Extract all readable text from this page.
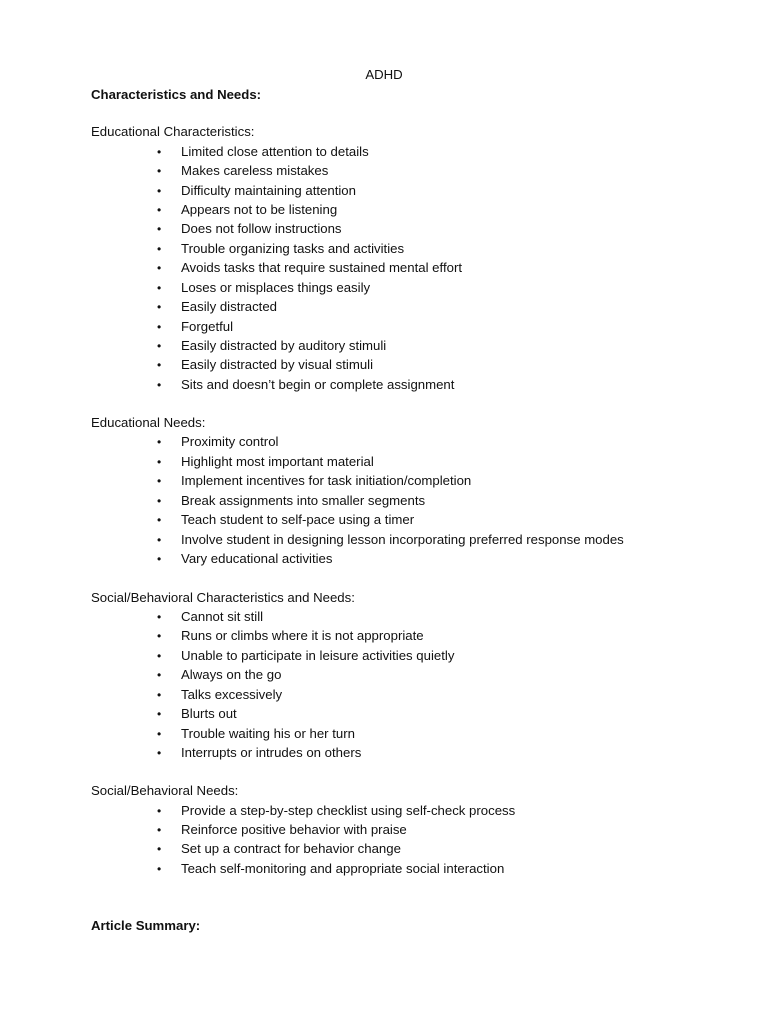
ADHD
Characteristics and Needs:
Educational Characteristics:
•	Limited close attention to details
•	Makes careless mistakes
•	Difficulty maintaining attention
•	Appears not to be listening
•	Does not follow instructions
•	Trouble organizing tasks and activities
•	Avoids tasks that require sustained mental effort
•	Loses or misplaces things easily
•	Easily distracted
•	Forgetful
•	Easily distracted by auditory stimuli
•	Easily distracted by visual stimuli
•	Sits and doesn’t begin or complete assignment
Educational Needs:
•	Proximity control
•	Highlight most important material
•	Implement incentives for task initiation/completion
•	Break assignments into smaller segments
•	Teach student to self-pace using a timer
•	Involve student in designing lesson incorporating preferred response modes
•	Vary educational activities
Social/Behavioral Characteristics and Needs:
•	Cannot sit still
•	Runs or climbs where it is not appropriate
•	Unable to participate in leisure activities quietly
•	Always on the go
•	Talks excessively
•	Blurts out
•	Trouble waiting his or her turn
•	Interrupts or intrudes on others
Social/Behavioral Needs:
•	Provide a step-by-step checklist using self-check process
•	Reinforce positive behavior with praise
•	Set up a contract for behavior change
•	Teach self-monitoring and appropriate social interaction
Article Summary:
